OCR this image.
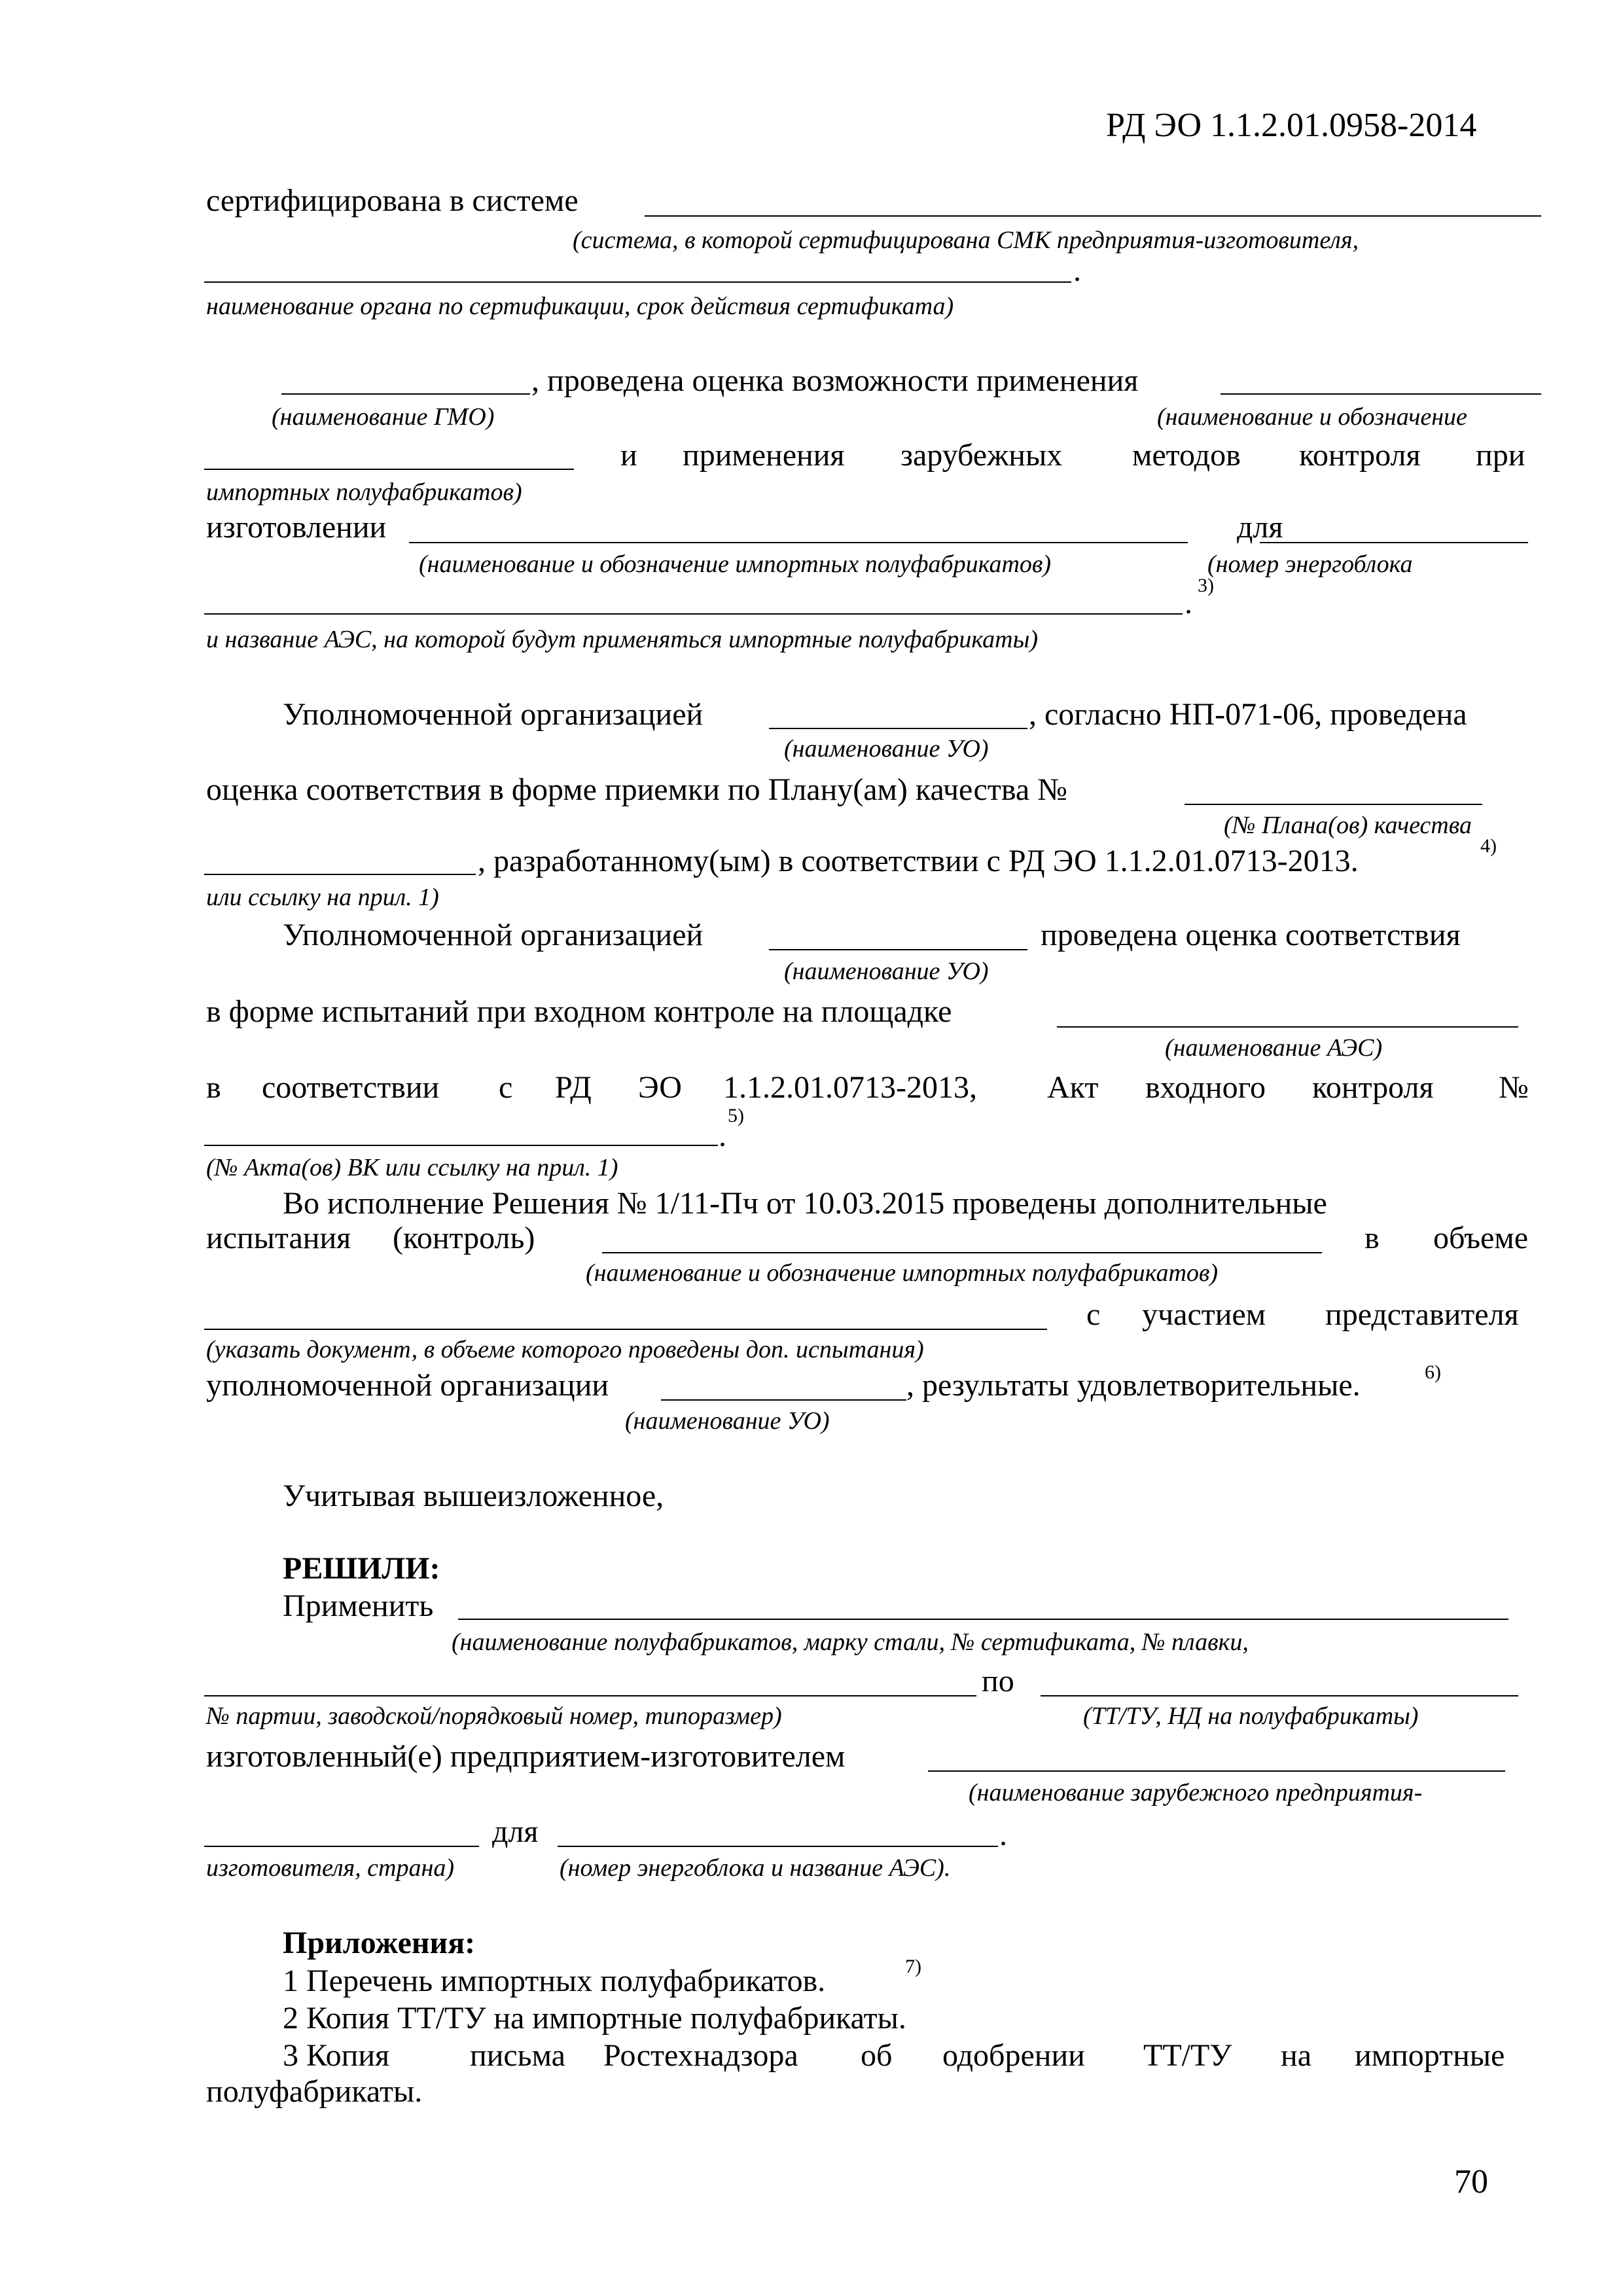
РД ЭО 1.1.2.01.0958-2014
сертифицирована в системе
(система, в которой сертифицирована СМК предприятия-изготовителя,
.
наименование органа по сертификации, срок действия сертификата)
, проведена оценка возможности применения
(наименование ГМО)	(наименование и обозначение
и применения зарубежных методов контроля при
импортных полуфабрикатов)
изготовлении	для
(наименование и обозначение импортных полуфабрикатов)	(номер энергоблока
.
3)
и название АЭС, на которой будут применяться импортные полуфабрикаты)
Уполномоченной организацией	, согласно НП-071-06, проведена
(наименование УО)
оценка соответствия в форме приемки по Плану(ам) качества №
(№ Плана(ов) качества
, разработанному(ым) в соответствии с РД ЭО 1.1.2.01.0713-2013.	4)
или ссылку на прил. 1)
Уполномоченной организацией	проведена оценка соответствия
(наименование УО)
в форме испытаний при входном контроле на площадке
(наименование АЭС)
в соответствии с РД ЭО 1.1.2.01.0713-2013, Акт входного контроля №
.
5)
(№ Акта(ов) ВК или ссылку на прил. 1)
Во исполнение Решения № 1/11-Пч от 10.03.2015 проведены дополнительные
испытания (контроль)	в объеме
(наименование и обозначение импортных полуфабрикатов)
с участием представителя
(указать документ, в объеме которого проведены доп. испытания)
уполномоченной организации	, результаты удовлетворительные.	6)
(наименование УО)
Учитывая вышеизложенное,
РЕШИЛИ:
Применить
(наименование полуфабрикатов, марку стали, № сертификата, № плавки,
по
№ партии, заводской/порядковый номер, типоразмер)	(ТТ/ТУ, НД на полуфабрикаты)
изготовленный(е) предприятием-изготовителем
(наименование зарубежного предприятия-
для	.
изготовителя, страна)	(номер энергоблока и название АЭС).
Приложения:
1 Перечень импортных полуфабрикатов.	7)
2 Копия ТТ/ТУ на импортные полуфабрикаты.
3 Копия	письма Ростехнадзора об одобрении ТТ/ТУ на импортные
полуфабрикаты.
70
